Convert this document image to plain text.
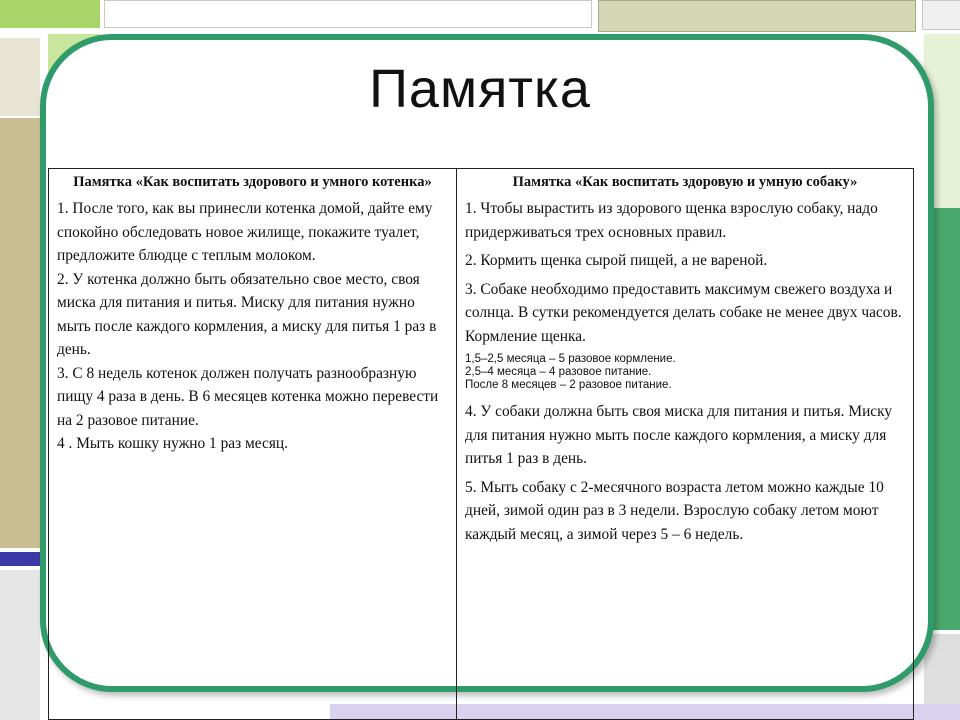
Памятка
Памятка «Как воспитать здорового и умного котенка»

1. После того, как вы принесли котенка домой, дайте ему спокойно обследовать новое жилище, покажите туалет, предложите блюдце с теплым молоком.

2. У котенка должно быть обязательно свое место, своя миска для питания и питья. Миску для питания нужно мыть после каждого кормления, а миску для питья 1 раз в день.

3. С 8 недель котенок должен получать разнообразную пищу 4 раза в день. В 6 месяцев котенка можно перевести на 2 разовое питание.

4 . Мыть кошку нужно 1 раз месяц.

Памятка «Как воспитать здоровую и умную собаку»

1. Чтобы вырастить из здорового щенка взрослую собаку, надо придерживаться трех основных правил.

2. Кормить щенка сырой пищей, а не вареной.

3. Собаке необходимо предоставить максимум свежего воздуха и солнца. В сутки рекомендуется делать собаке не менее двух часов. Кормление щенка.

1,5–2,5 месяца – 5 разовое кормление.
2,5–4 месяца – 4 разовое питание.
После 8 месяцев – 2 разовое питание.

4. У собаки должна быть своя миска для питания и питья. Миску для питания нужно мыть после каждого кормления, а миску для питья 1 раз в день.

5. Мыть собаку с 2-месячного возраста летом можно каждые 10 дней, зимой один раз в 3 недели. Взрослую собаку летом моют каждый месяц, а зимой через 5 – 6 недель.
